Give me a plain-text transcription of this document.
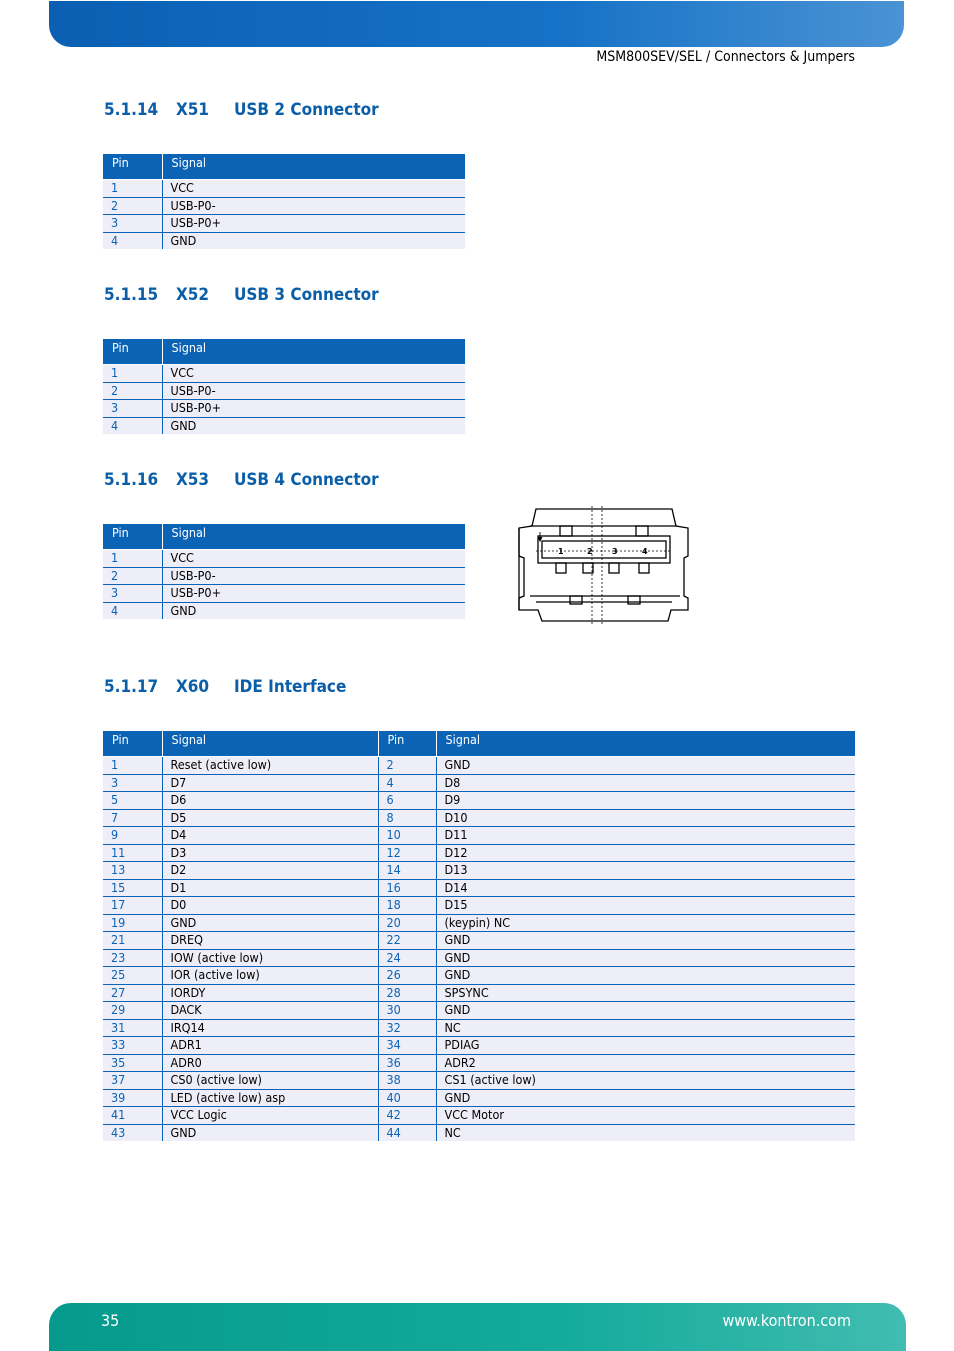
MSM800SEV/SEL / Connectors & Jumpers
5.1.14 X51 USB 2 Connector
Pin	Signal
1	VCC
2	USB-P0-
3	USB-P0+
4	GND
5.1.15 X52 USB 3 Connector
Pin	Signal
1	VCC
2	USB-P0-
3	USB-P0+
4	GND
5.1.16 X53 USB 4 Connector
Pin	Signal
1	VCC
2	USB-P0-
3	USB-P0+
4	GND
1	2 3	4
5.1.17 X60 IDE Interface
Pin	Signal	Pin	Signal
1	Reset (active low)	2	GND
3	D7	4	D8
5	D6	6	D9
7	D5	8	D10
9	D4	10	D11
11	D3	12	D12
13	D2	14	D13
15	D1	16	D14
17	D0	18	D15
19	GND	20	(keypin) NC
21	DREQ	22	GND
23	IOW (active low)	24	GND
25	IOR (active low)	26	GND
27	IORDY	28	SPSYNC
29	DACK	30	GND
31	IRQ14	32	NC
33	ADR1	34	PDIAG
35	ADR0	36	ADR2
37	CS0 (active low)	38	CS1 (active low)
39	LED (active low) asp	40	GND
41	VCC Logic	42	VCC Motor
43	GND	44	NC
35	www.kontron.com
